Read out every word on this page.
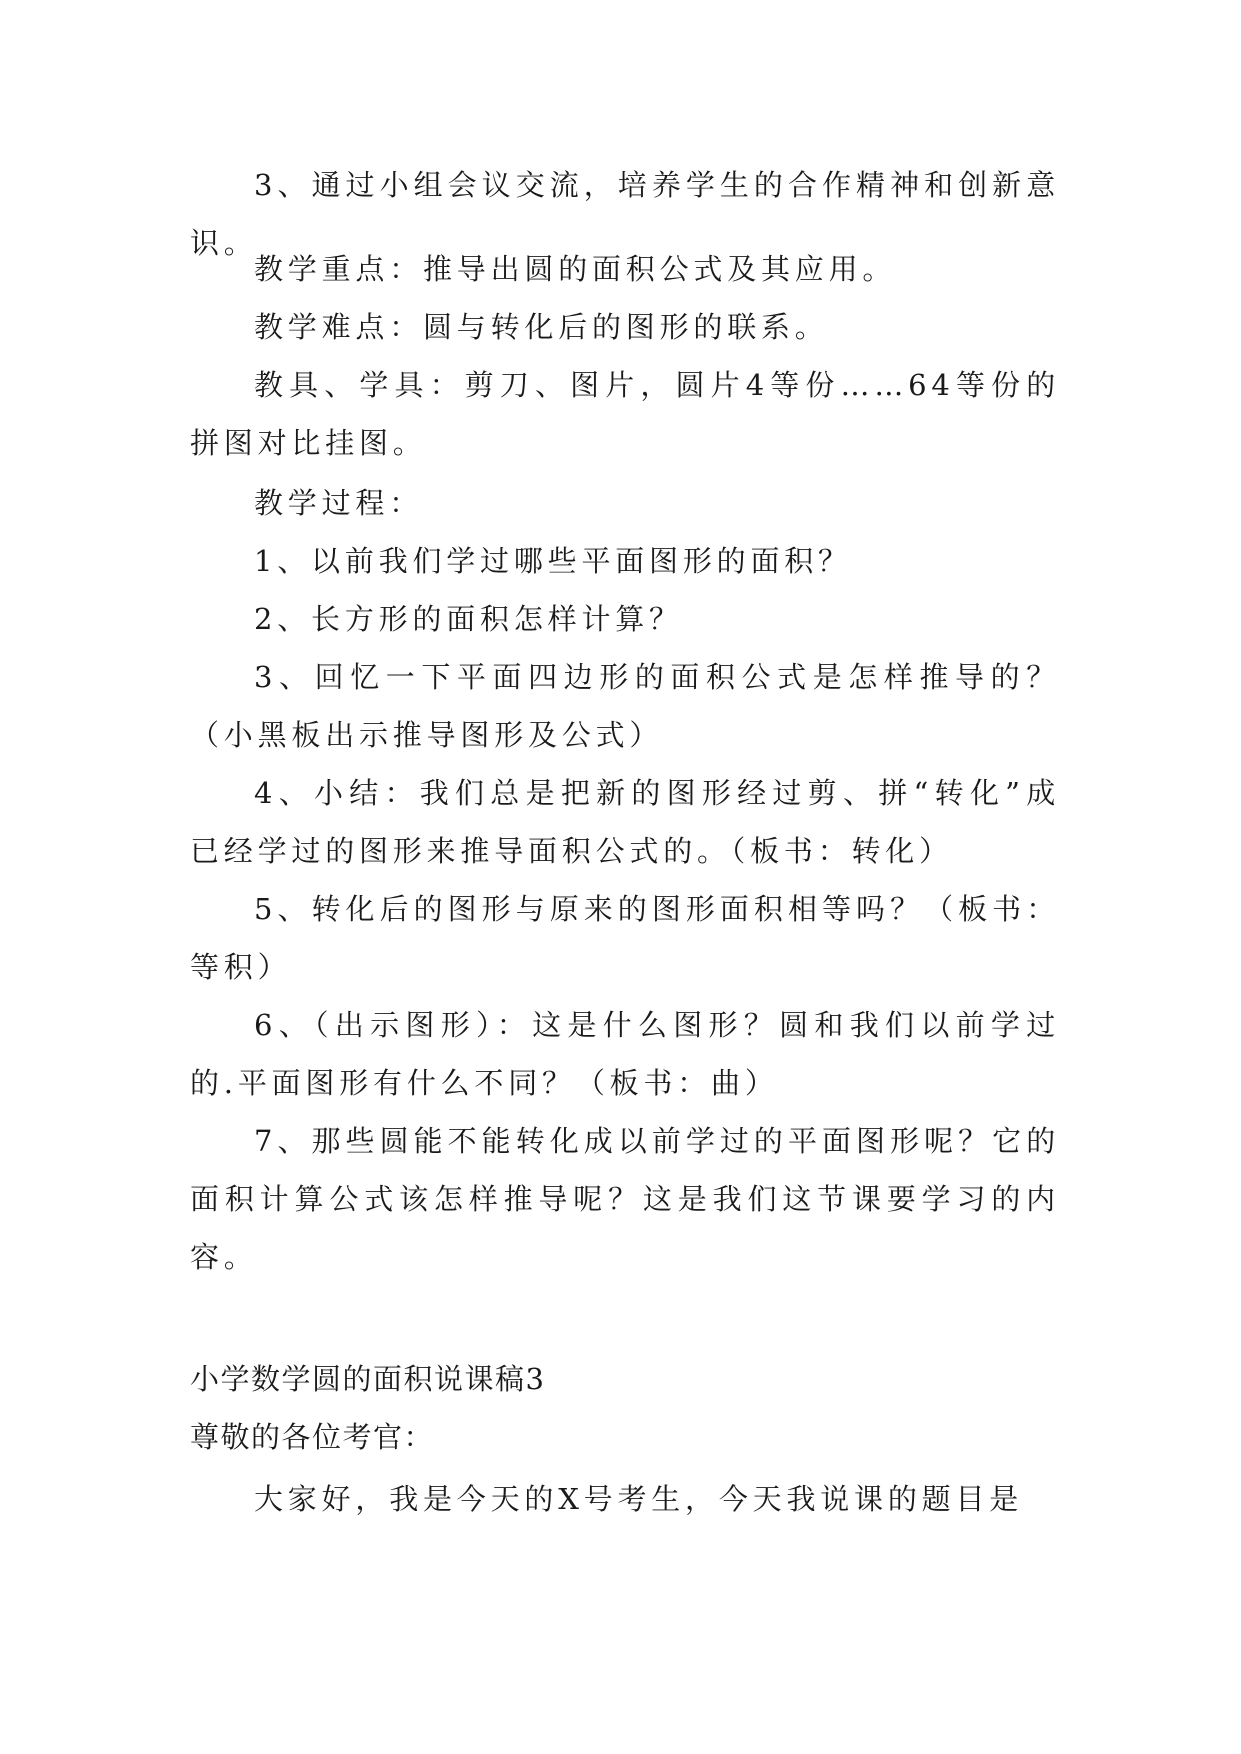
3、通过小组会议交流，培养学生的合作精神和创新意识。
教学重点：推导出圆的面积公式及其应用。
教学难点：圆与转化后的图形的联系。
教具、学具：剪刀、图片，圆片4等份……64等份的拼图对比挂图。
教学过程：
1、以前我们学过哪些平面图形的面积？
2、长方形的面积怎样计算？
3、回忆一下平面四边形的面积公式是怎样推导的？（小黑板出示推导图形及公式）
4、小结：我们总是把新的图形经过剪、拼“转化”成已经学过的图形来推导面积公式的。（板书：转化）
5、转化后的图形与原来的图形面积相等吗？（板书：等积）
6、（出示图形）：这是什么图形？圆和我们以前学过的.平面图形有什么不同？（板书：曲）
7、那些圆能不能转化成以前学过的平面图形呢？它的面积计算公式该怎样推导呢？这是我们这节课要学习的内容。
小学数学圆的面积说课稿3
尊敬的各位考官：
大家好，我是今天的X号考生，今天我说课的题目是
